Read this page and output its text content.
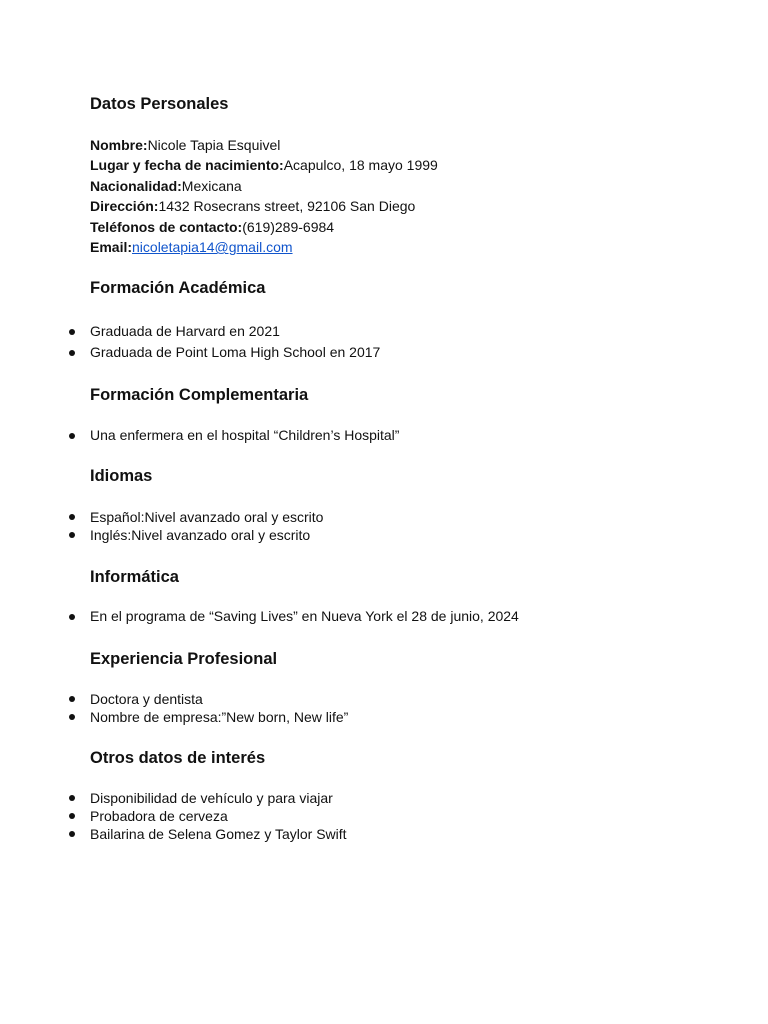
Datos Personales
Nombre:Nicole Tapia Esquivel
Lugar y fecha de nacimiento:Acapulco, 18 mayo 1999
Nacionalidad:Mexicana
Dirección:1432 Rosecrans street, 92106 San Diego
Teléfonos de contacto:(619)289-6984
Email:nicoletapia14@gmail.com
Formación Académica
Graduada de Harvard en 2021
Graduada de Point Loma High School en 2017
Formación Complementaria
Una enfermera en el hospital “Children’s Hospital”
Idiomas
Español:Nivel avanzado oral y escrito
Inglés:Nivel avanzado oral y escrito
Informática
En el programa de “Saving Lives” en Nueva York el 28 de junio, 2024
Experiencia Profesional
Doctora y dentista
Nombre de empresa:”New born, New life”
Otros datos de interés
Disponibilidad de vehículo y para viajar
Probadora de cerveza
Bailarina de Selena Gomez y Taylor Swift
